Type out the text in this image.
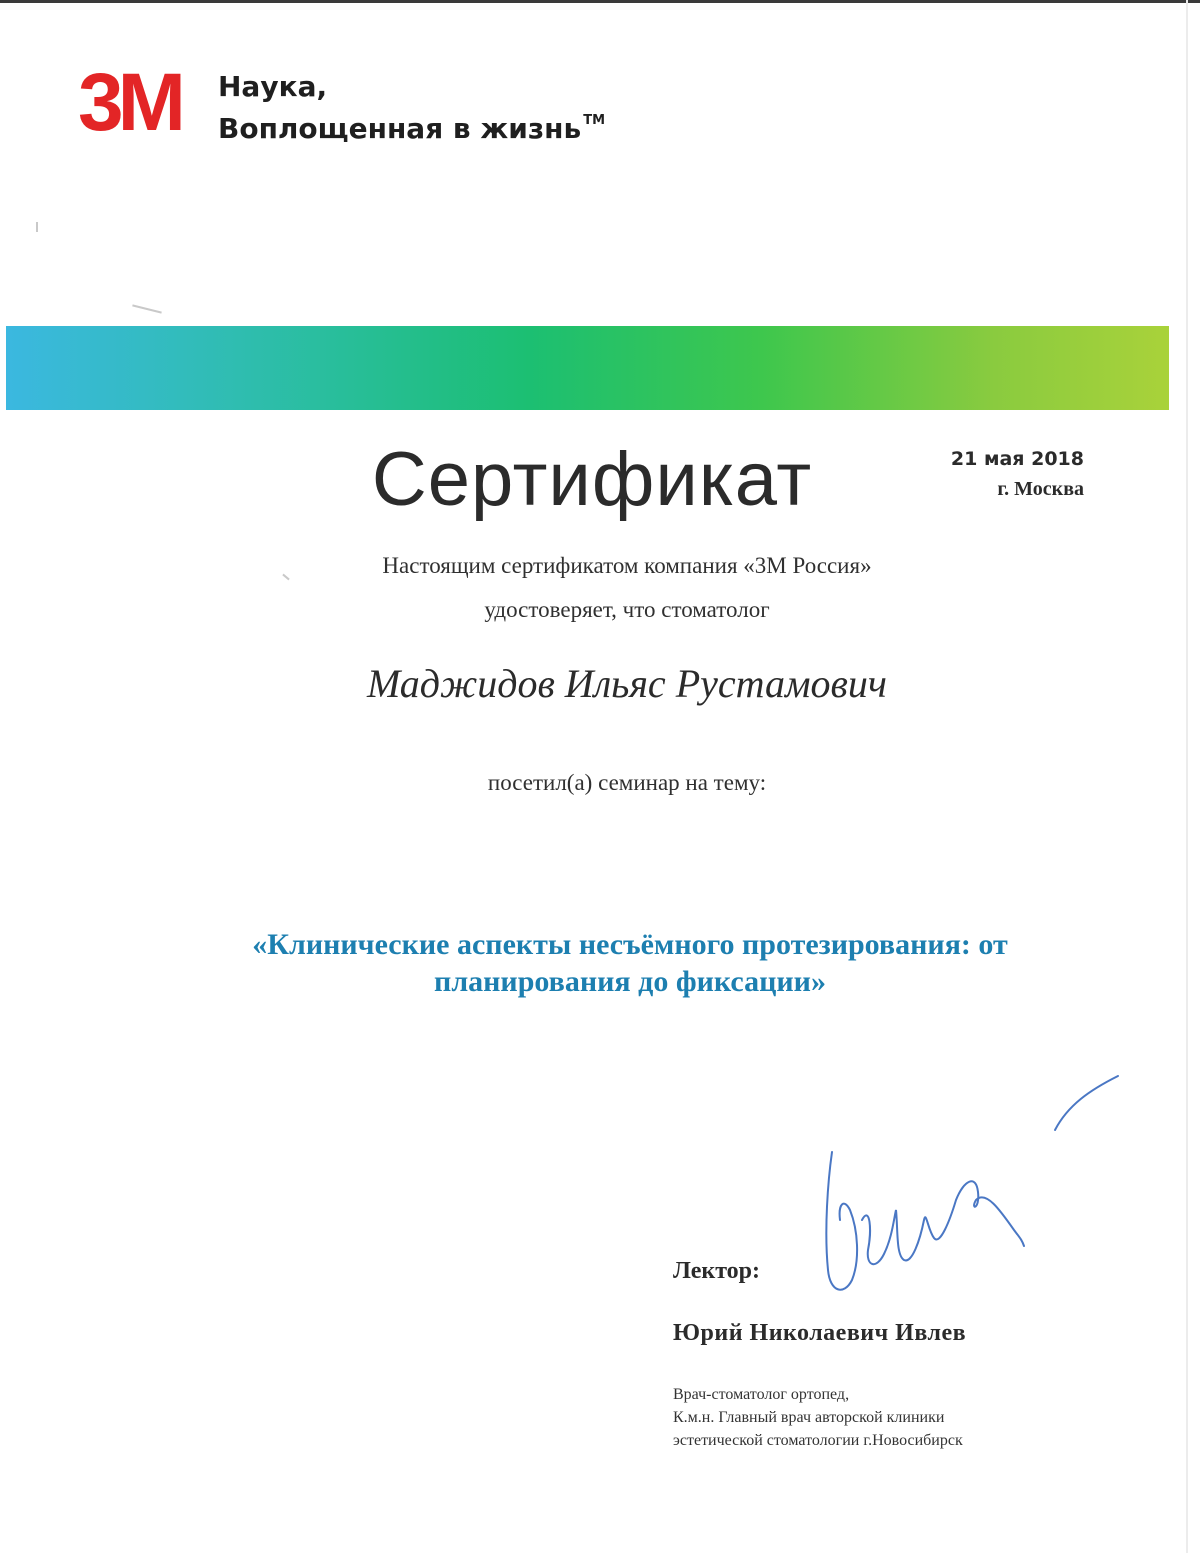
3M Наука,
Воплощенная в жизнь ™
Сертификат	21 мая 2018
г. Москва
Настоящим сертификатом компания «3М Россия»
удостоверяет, что стоматолог
Маджидов Ильяс Рустамович
посетил(а) семинар на тему:
«Клинические аспекты несъёмного протезирования: от
планирования до фиксации»
Лектор:
Юрий Николаевич Ивлев
Врач-стоматолог ортопед,
К.м.н. Главный врач авторской клиники
эстетической стоматологии г.Новосибирск
